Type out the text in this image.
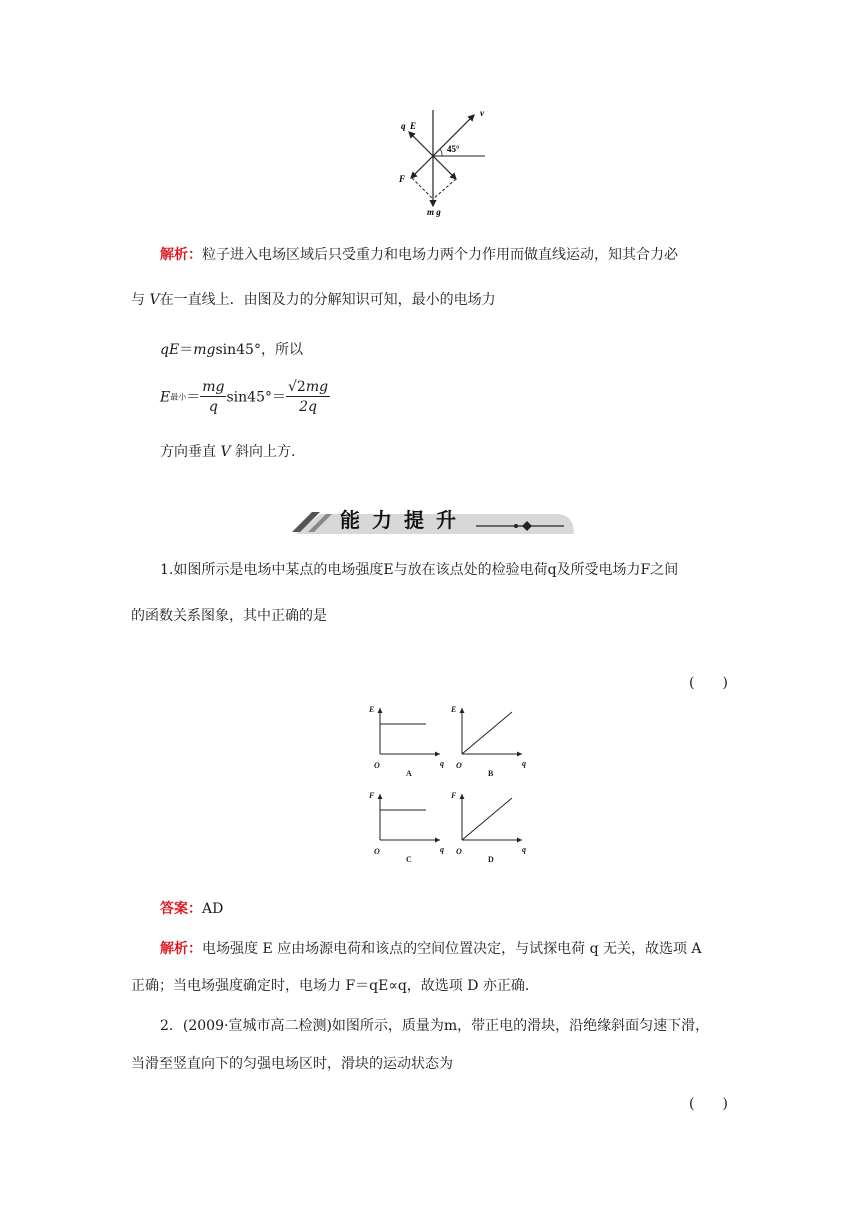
q E
v
45°
F
m g
解析：粒子进入电场区域后只受重力和电场力两个力作用而做直线运动，知其合力必
与 V在一直线上．由图及力的分解知识可知，最小的电场力
qE＝mgsin45°，所以
E最小＝ $\frac{mg}{q} \sin 45^\circ= \frac{√2mg}{2q}$
方向垂直 V 斜向上方.
能力提升
1.如图所示是电场中某点的电场强度E与放在该点处的检验电荷q及所受电场力F之间
的函数关系图象，其中正确的是
(　　)
E
q
O
A
E
q
O
B
F
q
O
C
F
q
O
D
答案：AD
解析：电场强度 E 应由场源电荷和该点的空间位置决定，与试探电荷 q 无关，故选项 A
正确；当电场强度确定时，电场力 F＝qE∝q，故选项 D 亦正确．
2．(2009·宣城市高二检测)如图所示，质量为m，带正电的滑块，沿绝缘斜面匀速下滑，
当滑至竖直向下的匀强电场区时，滑块的运动状态为
(　　)
